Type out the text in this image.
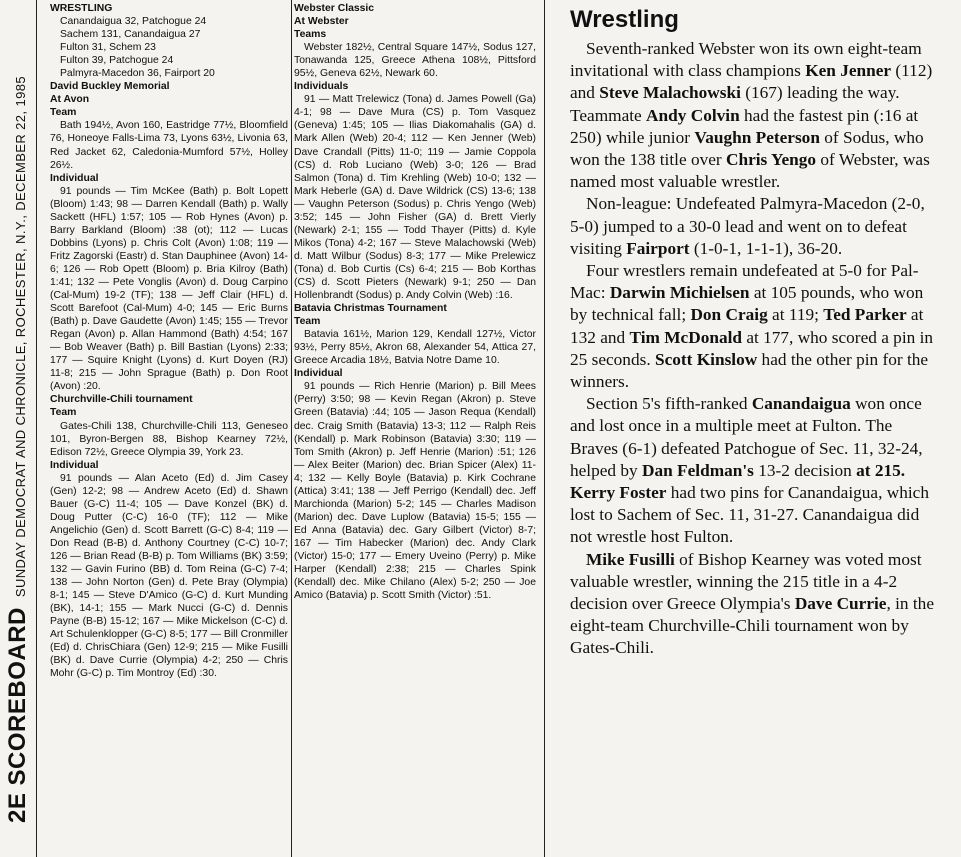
2E SCOREBOARD
SUNDAY DEMOCRAT AND CHRONICLE, ROCHESTER, N.Y., DECEMBER 22, 1985

WRESTLING

Canandaigua 32, Patchogue 24

Sachem 131, Canandaigua 27

Fulton 31, Schem 23

Fulton 39, Patchogue 24

Palmyra-Macedon 36, Fairport 20

David Buckley Memorial

At Avon

Team

Bath 194½, Avon 160, Eastridge 77½, Bloomfield 76, Honeoye Falls-Lima 73, Lyons 63½, Livonia 63, Red Jacket 62, Caledonia-Mumford 57½, Holley 26½.

Individual

91 pounds — Tim McKee (Bath) p. Bolt Lopett (Bloom) 1:43; 98 — Darren Kendall (Bath) p. Wally Sackett (HFL) 1:57; 105 — Rob Hynes (Avon) p. Barry Barkland (Bloom) :38 (ot); 112 — Lucas Dobbins (Lyons) p. Chris Colt (Avon) 1:08; 119 — Fritz Zagorski (Eastr) d. Stan Dauphinee (Avon) 14-6; 126 — Rob Opett (Bloom) p. Bria Kilroy (Bath) 1:41; 132 — Pete Vonglis (Avon) d. Doug Carpino (Cal-Mum) 19-2 (TF); 138 — Jeff Clair (HFL) d. Scott Barefoot (Cal-Mum) 4-0; 145 — Eric Burns (Bath) p. Dave Gaudette (Avon) 1:45; 155 — Trevor Regan (Avon) p. Allan Hammond (Bath) 4:54; 167 — Bob Weaver (Bath) p. Bill Bastian (Lyons) 2:33; 177 — Squire Knight (Lyons) d. Kurt Doyen (RJ) 11-8; 215 — John Sprague (Bath) p. Don Root (Avon) :20.

Churchville-Chili tournament

Team

Gates-Chili 138, Churchville-Chili 113, Geneseo 101, Byron-Bergen 88, Bishop Kearney 72½, Edison 72½, Greece Olympia 39, York 23.

Individual

91 pounds — Alan Aceto (Ed) d. Jim Casey (Gen) 12-2; 98 — Andrew Aceto (Ed) d. Shawn Bauer (G-C) 11-4; 105 — Dave Konzel (BK) d. Doug Putter (C-C) 16-0 (TF); 112 — Mike Angelichio (Gen) d. Scott Barrett (G-C) 8-4; 119 — Don Read (B-B) d. Anthony Courtney (C-C) 10-7; 126 — Brian Read (B-B) p. Tom Williams (BK) 3:59; 132 — Gavin Furino (BB) d. Tom Reina (G-C) 7-4; 138 — John Norton (Gen) d. Pete Bray (Olympia) 8-1; 145 — Steve D'Amico (G-C) d. Kurt Munding (BK), 14-1; 155 — Mark Nucci (G-C) d. Dennis Payne (B-B) 15-12; 167 — Mike Mickelson (C-C) d. Art Schulenklopper (G-C) 8-5; 177 — Bill Cronmiller (Ed) d. ChrisChiara (Gen) 12-9; 215 — Mike Fusilli (BK) d. Dave Currie (Olympia) 4-2; 250 — Chris Mohr (G-C) p. Tim Montroy (Ed) :30.

Webster Classic

At Webster

Teams

Webster 182½, Central Square 147½, Sodus 127, Tonawanda 125, Greece Athena 108½, Pittsford 95½, Geneva 62½, Newark 60.

Individuals

91 — Matt Trelewicz (Tona) d. James Powell (Ga) 4-1; 98 — Dave Mura (CS) p. Tom Vasquez (Geneva) 1:45; 105 — Ilias Diakomahalis (GA) d. Mark Allen (Web) 20-4; 112 — Ken Jenner (Web) Dave Crandall (Pitts) 11-0; 119 — Jamie Coppola (CS) d. Rob Luciano (Web) 3-0; 126 — Brad Salmon (Tona) d. Tim Krehling (Web) 10-0; 132 — Mark Heberle (GA) d. Dave Wildrick (CS) 13-6; 138 — Vaughn Peterson (Sodus) p. Chris Yengo (Web) 3:52; 145 — John Fisher (GA) d. Brett Vierly (Newark) 2-1; 155 — Todd Thayer (Pitts) d. Kyle Mikos (Tona) 4-2; 167 — Steve Malachowski (Web) d. Matt Wilbur (Sodus) 8-3; 177 — Mike Prelewicz (Tona) d. Bob Curtis (Cs) 6-4; 215 — Bob Korthas (CS) d. Scott Pieters (Newark) 9-1; 250 — Dan Hollenbrandt (Sodus) p. Andy Colvin (Web) :16.

Batavia Christmas Tournament

Team

Batavia 161½, Marion 129, Kendall 127½, Victor 93½, Perry 85½, Akron 68, Alexander 54, Attica 27, Greece Arcadia 18½, Batvia Notre Dame 10.

Individual

91 pounds — Rich Henrie (Marion) p. Bill Mees (Perry) 3:50; 98 — Kevin Regan (Akron) p. Steve Green (Batavia) :44; 105 — Jason Requa (Kendall) dec. Craig Smith (Batavia) 13-3; 112 — Ralph Reis (Kendall) p. Mark Robinson (Batavia) 3:30; 119 — Tom Smith (Akron) p. Jeff Henrie (Marion) :51; 126 — Alex Beiter (Marion) dec. Brian Spicer (Alex) 11-4; 132 — Kelly Boyle (Batavia) p. Kirk Cochrane (Attica) 3:41; 138 — Jeff Perrigo (Kendall) dec. Jeff Marchionda (Marion) 5-2; 145 — Charles Madison (Marion) dec. Dave Luplow (Batavia) 15-5; 155 — Ed Anna (Batavia) dec. Gary Gilbert (Victor) 8-7; 167 — Tim Habecker (Marion) dec. Andy Clark (Victor) 15-0; 177 — Emery Uveino (Perry) p. Mike Harper (Kendall) 2:38; 215 — Charles Spink (Kendall) dec. Mike Chilano (Alex) 5-2; 250 — Joe Amico (Batavia) p. Scott Smith (Victor) :51.

Wrestling

Seventh-ranked Webster won its own eight-team invitational with class champions Ken Jenner (112) and Steve Malachowski (167) leading the way. Teammate Andy Colvin had the fastest pin (:16 at 250) while junior Vaughn Peterson of Sodus, who won the 138 title over Chris Yengo of Webster, was named most valuable wrestler.

Non-league: Undefeated Palmyra-Macedon (2-0, 5-0) jumped to a 30-0 lead and went on to defeat visiting Fairport (1-0-1, 1-1-1), 36-20.

Four wrestlers remain undefeated at 5-0 for Pal-Mac: Darwin Michielsen at 105 pounds, who won by technical fall; Don Craig at 119; Ted Parker at 132 and Tim McDonald at 177, who scored a pin in 25 seconds. Scott Kinslow had the other pin for the winners.

Section 5's fifth-ranked Canandaigua won once and lost once in a multiple meet at Fulton. The Braves (6-1) defeated Patchogue of Sec. 11, 32-24, helped by Dan Feldman's 13-2 decision at 215. Kerry Foster had two pins for Canandaigua, which lost to Sachem of Sec. 11, 31-27. Canandaigua did not wrestle host Fulton.

Mike Fusilli of Bishop Kearney was voted most valuable wrestler, winning the 215 title in a 4-2 decision over Greece Olympia's Dave Currie, in the eight-team Churchville-Chili tournament won by Gates-Chili.
